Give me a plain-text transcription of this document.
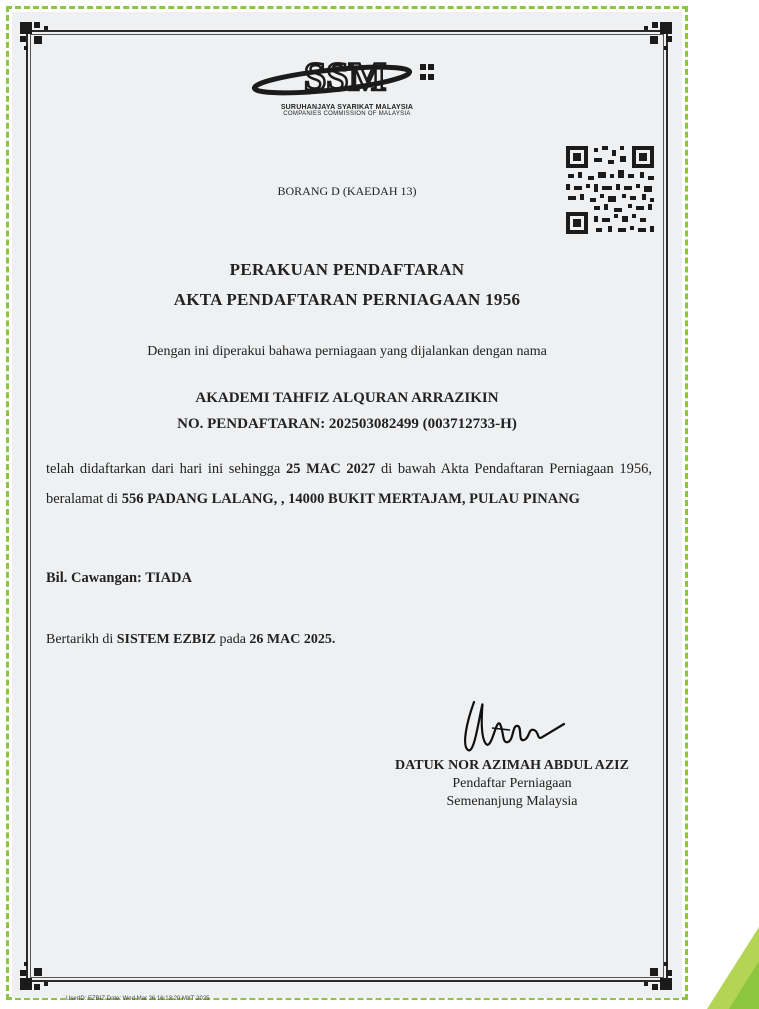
SSM
SURUHANJAYA SYARIKAT MALAYSIA
COMPANIES COMMISSION OF MALAYSIA
BORANG D (KAEDAH 13)
PERAKUAN PENDAFTARAN
AKTA PENDAFTARAN PERNIAGAAN 1956
Dengan ini diperakui bahawa perniagaan yang dijalankan dengan nama
AKADEMI TAHFIZ ALQURAN ARRAZIKIN
NO. PENDAFTARAN: 202503082499 (003712733-H)
telah didaftarkan dari hari ini sehingga 25 MAC 2027 di bawah Akta Pendaftaran Perniagaan 1956, beralamat di 556 PADANG LALANG, , 14000 BUKIT MERTAJAM, PULAU PINANG
Bil. Cawangan: TIADA
Bertarikh di SISTEM EZBIZ pada 26 MAC 2025.
DATUK NOR AZIMAH ABDUL AZIZ
Pendaftar Perniagaan
Semenanjung Malaysia
UserID: EZBIZ Date: Wed Mar 26 16:13:20 MYT 2025
